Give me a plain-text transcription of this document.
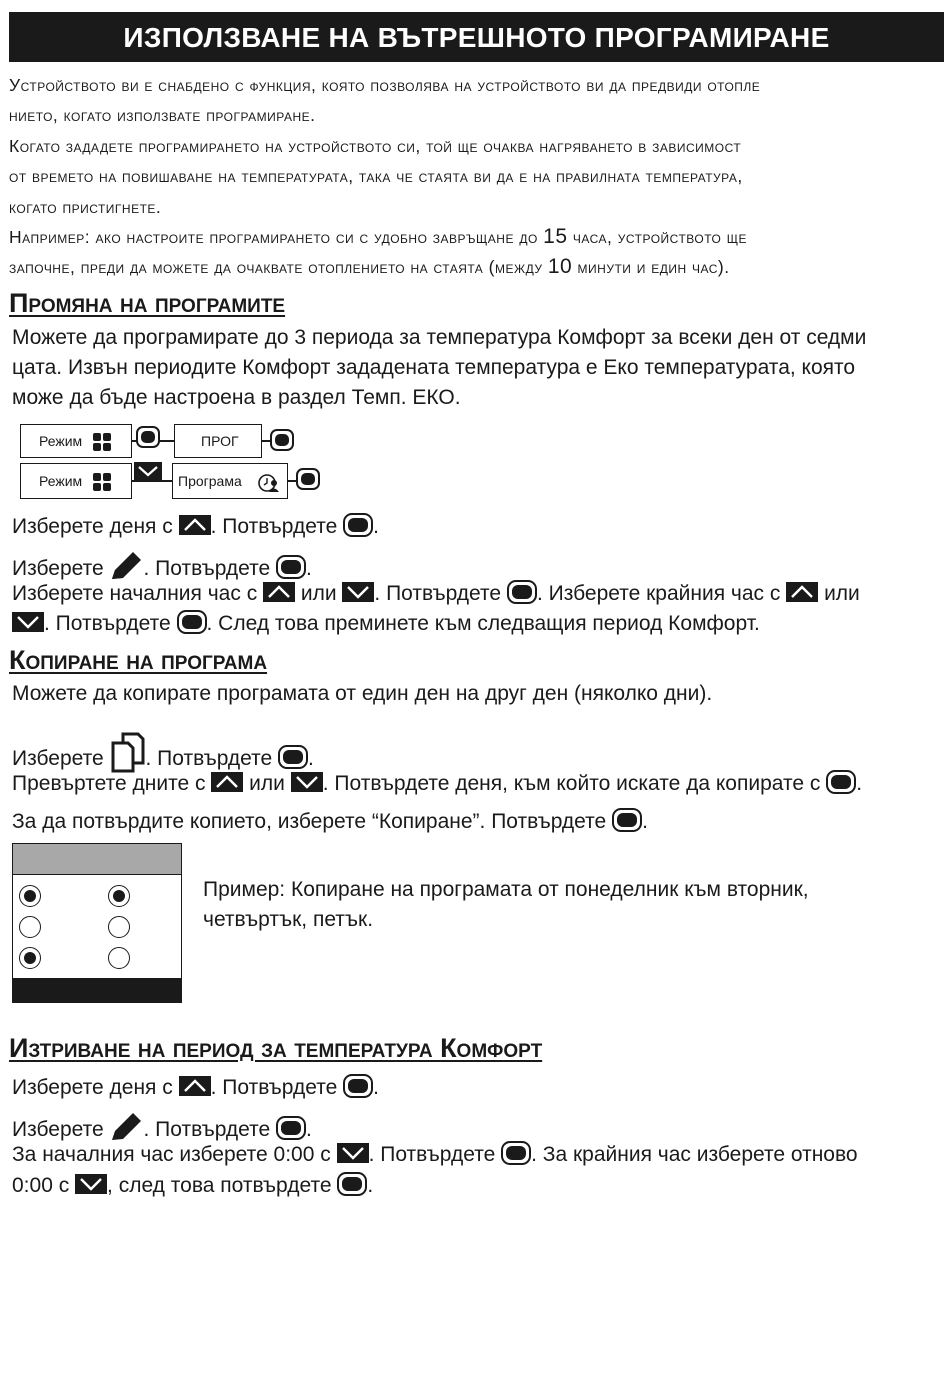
ИЗПОЛЗВАНЕ НА ВЪТРЕШНОТО ПРОГРАМИРАНЕ
Устройството ви е снабдено с функция, която позволява на устройството ви да предвиди отопле
нието, когато използвате програмиране.
Когато зададете програмирането на устройството си, той ще очаква нагряването в зависимост
от времето на повишаване на температурата, така че стаята ви да е на правилната температура,
когато пристигнете.
Например: ако настроите програмирането си с удобно завръщане до 15 часа, устройството ще
започне, преди да можете да очаквате отоплението на стаята (между 10 минути и един час).
Промяна на програмите
Можете да програмирате до 3 периода за температура Комфорт за всеки ден от седми
цата. Извън периодите Комфорт зададената температура е Еко температурата, която
може да бъде настроена в раздел Темп. ЕКО.
Режим	ПРОГ
Режим	Програма
Изберете деня с
. Потвърдете .
Изберете . Потвърдете .
Изберете началния час с
или
. Потвърдете . Изберете крайния час с
или
. Потвърдете . След това преминете към следващия период Комфорт.
Копиране на програма
Можете да копирате програмата от един ден на друг ден (няколко дни).
Изберете . Потвърдете .
Превъртете дните с
или
. Потвърдете деня, към който искате да копирате с .
За да потвърдите копието, изберете “Копиране”. Потвърдете .
Пример: Копиране на програмата от понеделник към вторник,
четвъртък, петък.
Изтриване на период за температура Комфорт
Изберете деня с
. Потвърдете .
Изберете . Потвърдете .
За началния час изберете 0:00 с
. Потвърдете . За крайния час изберете отново
0:00 с
, след това потвърдете .
